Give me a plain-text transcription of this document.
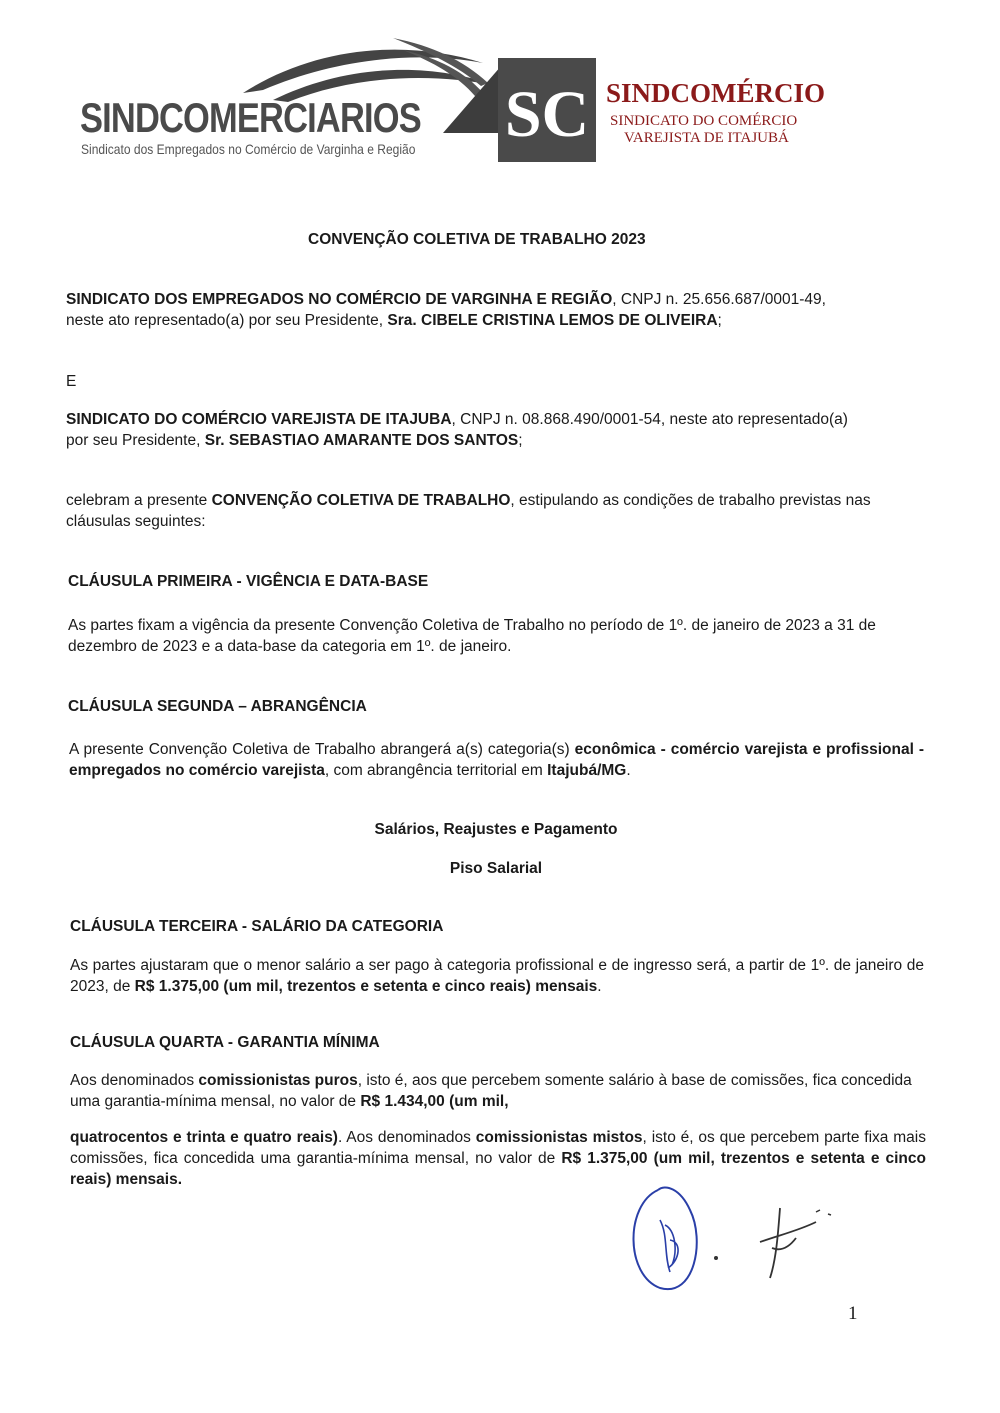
SINDCOMERCIARIOS
Sindicato dos Empregados no Comércio de Varginha e Região SC SINDCOMÉRCIO
SINDICATO DO COMÉRCIO
VAREJISTA DE ITAJUBÁ
CONVENÇÃO COLETIVA DE TRABALHO 2023

SINDICATO DOS EMPREGADOS NO COMÉRCIO DE VARGINHA E REGIÃO, CNPJ n. 25.656.687/0001-49,
neste ato representado(a) por seu Presidente, Sra. CIBELE CRISTINA LEMOS DE OLIVEIRA;

E

SINDICATO DO COMÉRCIO VAREJISTA DE ITAJUBA, CNPJ n. 08.868.490/0001-54, neste ato representado(a)
por seu Presidente, Sr. SEBASTIAO AMARANTE DOS SANTOS;

celebram a presente CONVENÇÃO COLETIVA DE TRABALHO, estipulando as condições de trabalho previstas nas cláusulas seguintes:

CLÁUSULA PRIMEIRA - VIGÊNCIA E DATA-BASE

As partes fixam a vigência da presente Convenção Coletiva de Trabalho no período de 1º. de janeiro de 2023 a 31 de dezembro de 2023 e a data-base da categoria em 1º. de janeiro.

CLÁUSULA SEGUNDA – ABRANGÊNCIA

A presente Convenção Coletiva de Trabalho abrangerá a(s) categoria(s) econômica - comércio varejista e profissional - empregados no comércio varejista, com abrangência territorial em Itajubá/MG.

Salários, Reajustes e Pagamento
Piso Salarial
CLÁUSULA TERCEIRA - SALÁRIO DA CATEGORIA

As partes ajustaram que o menor salário a ser pago à categoria profissional e de ingresso será, a partir de 1º. de janeiro de 2023, de R$ 1.375,00 (um mil, trezentos e setenta e cinco reais) mensais.

CLÁUSULA QUARTA - GARANTIA MÍNIMA

Aos denominados comissionistas puros, isto é, aos que percebem somente salário à base de comissões, fica concedida uma garantia-mínima mensal, no valor de R$ 1.434,00 (um mil,

quatrocentos e trinta e quatro reais). Aos denominados comissionistas mistos, isto é, os que percebem parte fixa mais comissões, fica concedida uma garantia-mínima mensal, no valor de R$ 1.375,00 (um mil, trezentos e setenta e cinco reais) mensais.

1
